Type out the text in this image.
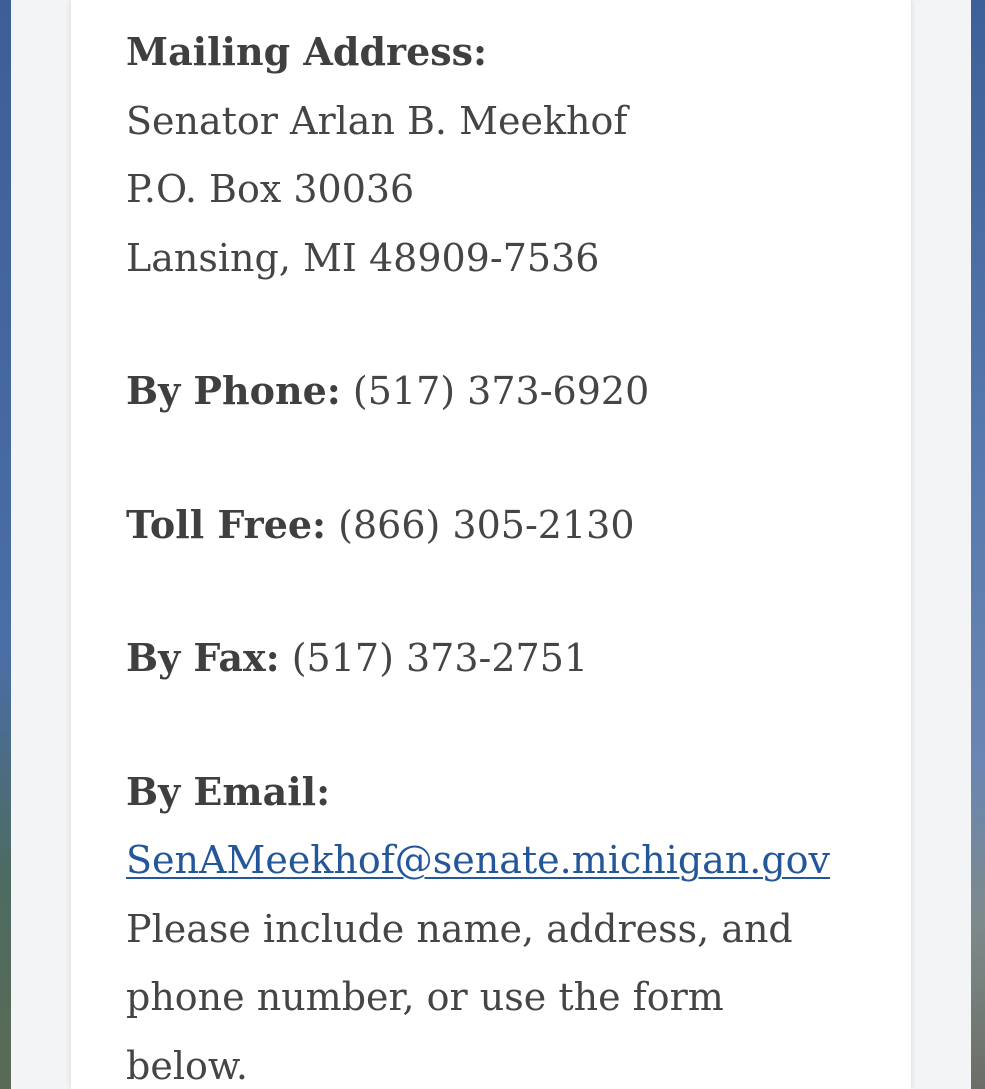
Mailing Address:
Senator Arlan B. Meekhof
P.O. Box 30036
Lansing, MI 48909-7536
By Phone: (517) 373-6920
Toll Free: (866) 305-2130
By Fax: (517) 373-2751
By Email:
SenAMeekhof@senate.michigan.gov
Please include name, address, and
phone number, or use the form
below.
